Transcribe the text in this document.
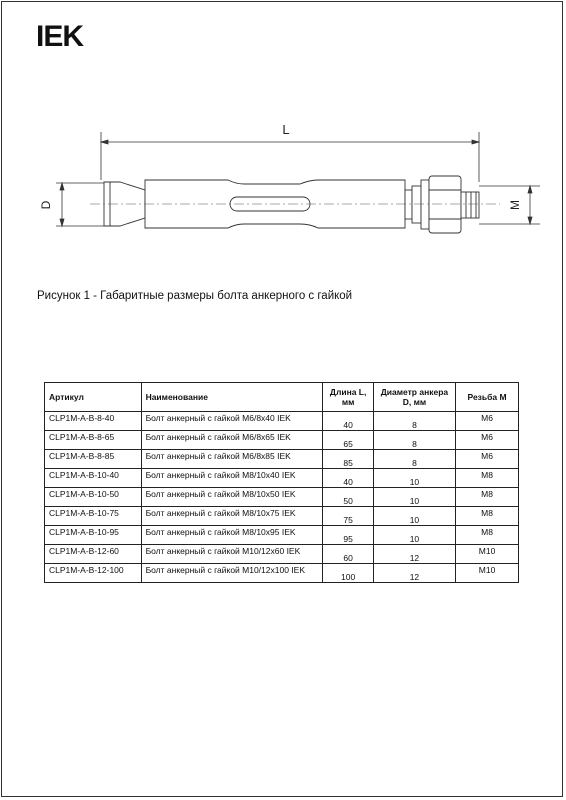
IEK
L
D	M
Рисунок 1 - Габаритные размеры болта анкерного с гайкой
Артикул	Наименование	Длина L, мм	Диаметр анкера D, мм	Резьба M
CLP1M-A-B-8-40	Болт анкерный с гайкой M6/8x40 IEK	40	8	M6
CLP1M-A-B-8-65	Болт анкерный с гайкой M6/8x65 IEK	65	8	M6
CLP1M-A-B-8-85	Болт анкерный с гайкой M6/8x85 IEK	85	8	M6
CLP1M-A-B-10-40	Болт анкерный с гайкой M8/10x40 IEK	40	10	M8
CLP1M-A-B-10-50	Болт анкерный с гайкой M8/10x50 IEK	50	10	M8
CLP1M-A-B-10-75	Болт анкерный с гайкой M8/10x75 IEK	75	10	M8
CLP1M-A-B-10-95	Болт анкерный с гайкой M8/10x95 IEK	95	10	M8
CLP1M-A-B-12-60	Болт анкерный с гайкой M10/12x60 IEK	60	12	M10
CLP1M-A-B-12-100	Болт анкерный с гайкой M10/12x100 IEK	100	12	M10
